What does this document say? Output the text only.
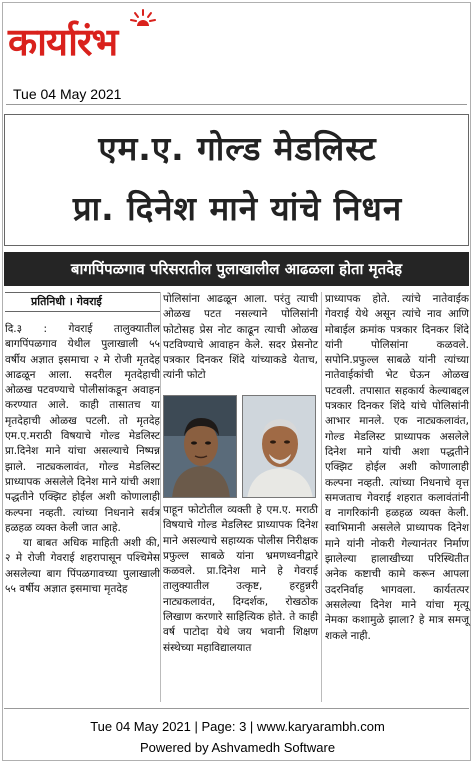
कार्यारंभ
Tue 04 May 2021
एम.ए. गोल्ड मेडलिस्ट
प्रा. दिनेश माने यांचे निधन
बागपिंपळगाव परिसरातील पुलाखालील आढळला होता मृतदेह
प्रतिनिधी । गेवराई

दि.३ : गेवराई तालुक्यातील बागपिंपळगाव येथील पुलाखाली ५५ वर्षीय अज्ञात इसमाचा २ मे रोजी मृतदेह आढळून आला. सदरील मृतदेहाची ओळख पटवण्याचे पोलीसांकडून अवाहन करण्यात आले. काही तासातच या मृतदेहाची ओळख पटली. तो मृतदेह एम.ए.मराठी विषयाचे गोल्ड मेडलिस्ट प्रा.दिनेश माने यांचा असल्याचे निष्पन्न झाले. नाट्यकलावंत, गोल्ड मेडलिस्ट प्राध्यापक असलेले दिनेश माने यांची अशा पद्धतीने एक्झिट होईल अशी कोणालाही कल्पना नव्हती. त्यांच्या निधनाने सर्वत्र हळहळ व्यक्त केली जात आहे.

या बाबत अधिक माहिती अशी की, २ मे रोजी गेवराई शहरापासून पश्चिमेस असलेल्या बाग पिंपळगावच्या पुलाखाली ५५ वर्षीय अज्ञात इसमाचा मृतदेह

पोलिसांना आढळून आला. परंतु त्याची ओळख पटत नसल्याने पोलिसांनी फोटोसह प्रेस नोट काढून त्याची ओळख पटविण्याचे आवाहन केले. सदर प्रेसनोट पत्रकार दिनकर शिंदे यांच्याकडे येताच, त्यांनी फोटो

पाहून फोटोतील व्यक्ती हे एम.ए. मराठी विषयाचे गोल्ड मेडलिस्ट प्राध्यापक दिनेश माने असल्याचे सहाय्यक पोलीस निरीक्षक प्रफुल्ल साबळे यांना भ्रमणध्वनीद्वारे कळवले. प्रा.दिनेश माने हे गेवराई तालुक्यातील उत्कृष्ट, हरहुन्नरी नाट्यकलावंत, दिग्दर्शक, रोखठोक लिखाण करणारे साहित्यिक होते. ते काही वर्ष पाटोदा येथे जय भवानी शिक्षण संस्थेच्या महाविद्यालयात

प्राध्यापक होते. त्यांचे नातेवाईक गेवराई येथे असून त्यांचे नाव आणि मोबाईल क्रमांक पत्रकार दिनकर शिंदे यांनी पोलिसांना कळवले. सपोनि.प्रफुल्ल साबळे यांनी त्यांच्या नातेवाईकांची भेट घेऊन ओळख पटवली. तपासात सहकार्य केल्याबद्दल पत्रकार दिनकर शिंदे यांचे पोलिसांनी आभार मानले. एक नाट्यकलावंत, गोल्ड मेडलिस्ट प्राध्यापक असलेले दिनेश माने यांची अशा पद्धतीने एक्झिट होईल अशी कोणालाही कल्पना नव्हती. त्यांच्या निधनाचे वृत्त समजताच गेवराई शहरात कलावंतांनी व नागरिकांनी हळहळ व्यक्त केली. स्वाभिमानी असलेले प्राध्यापक दिनेश माने यांनी नोकरी गेल्यानंतर निर्माण झालेल्या हालाखीच्या परिस्थितीत अनेक कष्टाची कामे करून आपला उदरनिर्वाह भागवला. कार्यतत्पर असलेल्या दिनेश माने यांचा मृत्यू नेमका कशामुळे झाला? हे मात्र समजू शकले नाही.

Tue 04 May 2021 | Page: 3 | www.karyarambh.com
Powered by Ashvamedh Software
